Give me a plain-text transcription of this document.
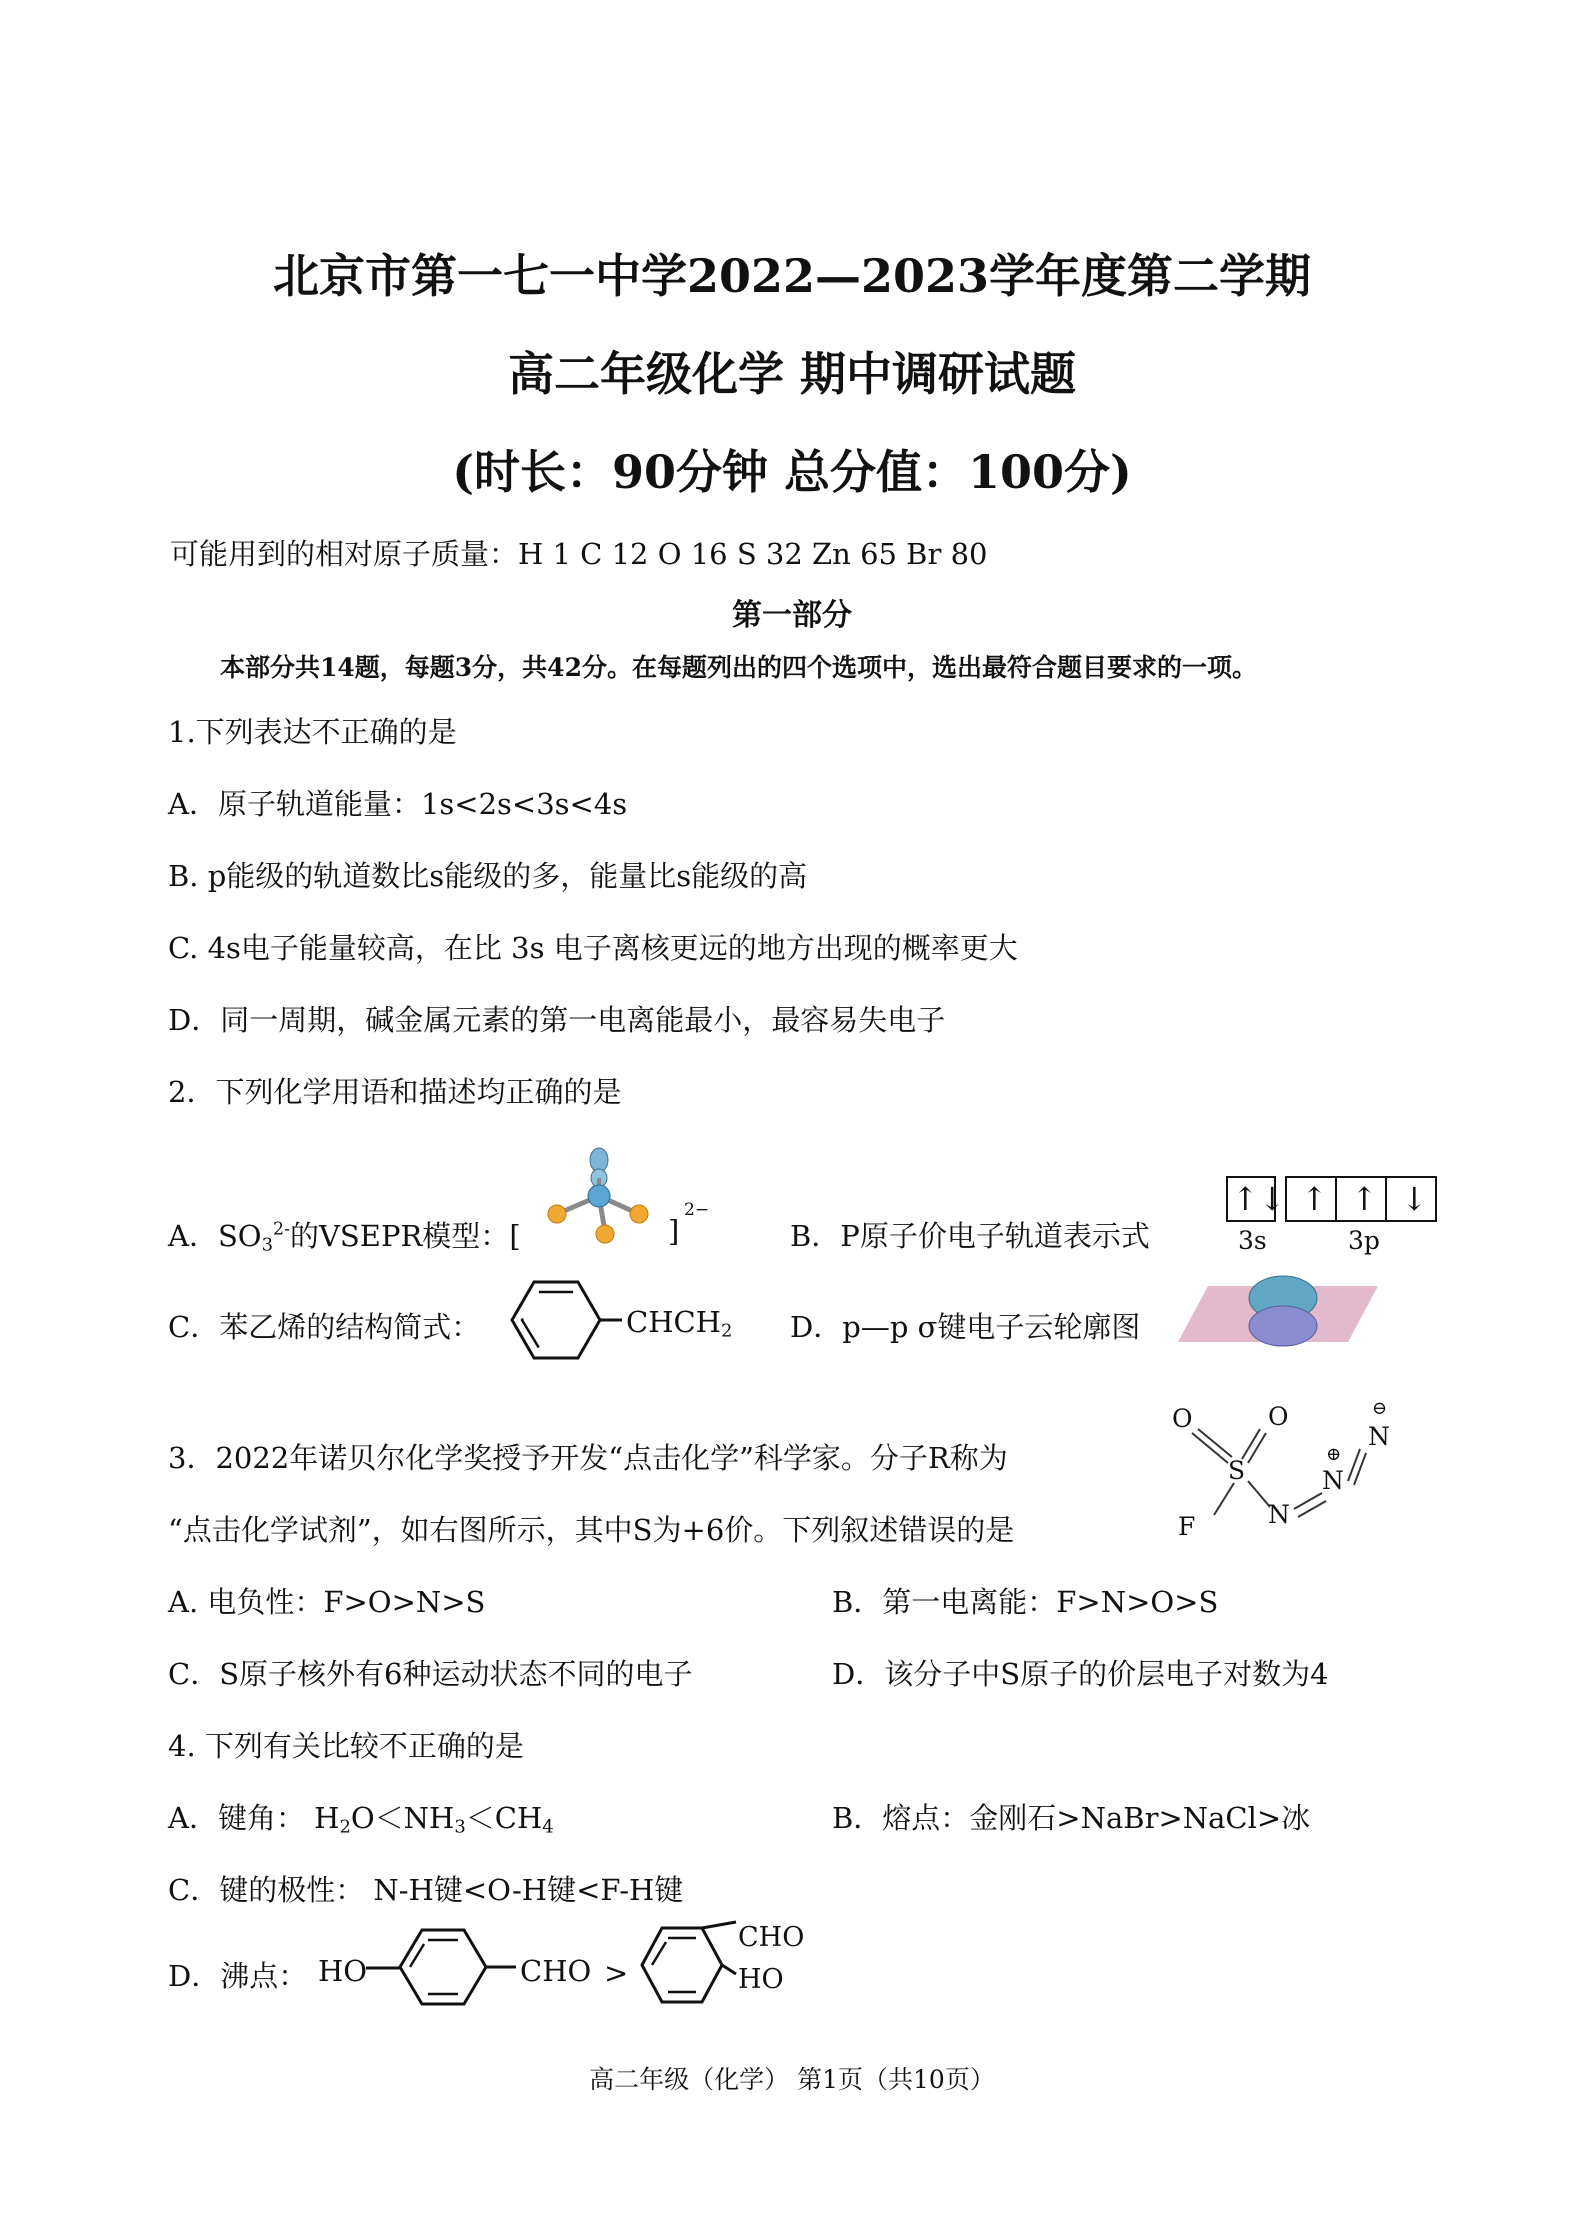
北京市第一七一中学2022—2023学年度第二学期
高二年级化学 期中调研试题
(时长：90分钟 总分值：100分)
可能用到的相对原子质量：H 1 C 12 O 16 S 32 Zn 65 Br 80
第一部分
本部分共14题，每题3分，共42分。在每题列出的四个选项中，选出最符合题目要求的一项。
1.下列表达不正确的是
A．原子轨道能量：1s<2s<3s<4s
B. p能级的轨道数比s能级的多，能量比s能级的高
C. 4s电子能量较高，在比 3s 电子离核更远的地方出现的概率更大
D．同一周期，碱金属元素的第一电离能最小，最容易失电子
2．下列化学用语和描述均正确的是
A．$SO_3^{2-}$的VSEPR模型：[	]
2−
B．P原子价电子轨道表示式
↑↓ ↑ ↑ ↓
3s	3p
C．苯乙烯的结构简式：	$CHCH_2$ D．p—p σ键电子云轮廓图
3．2022年诺贝尔化学奖授予开发“点击化学”科学家。分子R称为
“点击化学试剂”，如右图所示，其中S为+6价。下列叙述错误的是
O	O
S
F	N
N
N
⊕
⊖
A. 电负性：F>O>N>S	B．第一电离能：F>N>O>S
C．S原子核外有6种运动状态不同的电子	D．该分子中S原子的价层电子对数为4
4. 下列有关比较不正确的是
A．键角： $H_2O<NH_3<CH_4$	B．熔点：金刚石>NaBr>NaCl>冰
C．键的极性： N-H键<O-H键<F-H键
D．沸点： HO	CHO >
CHO
HO
高二年级（化学） 第1页（共10页）
